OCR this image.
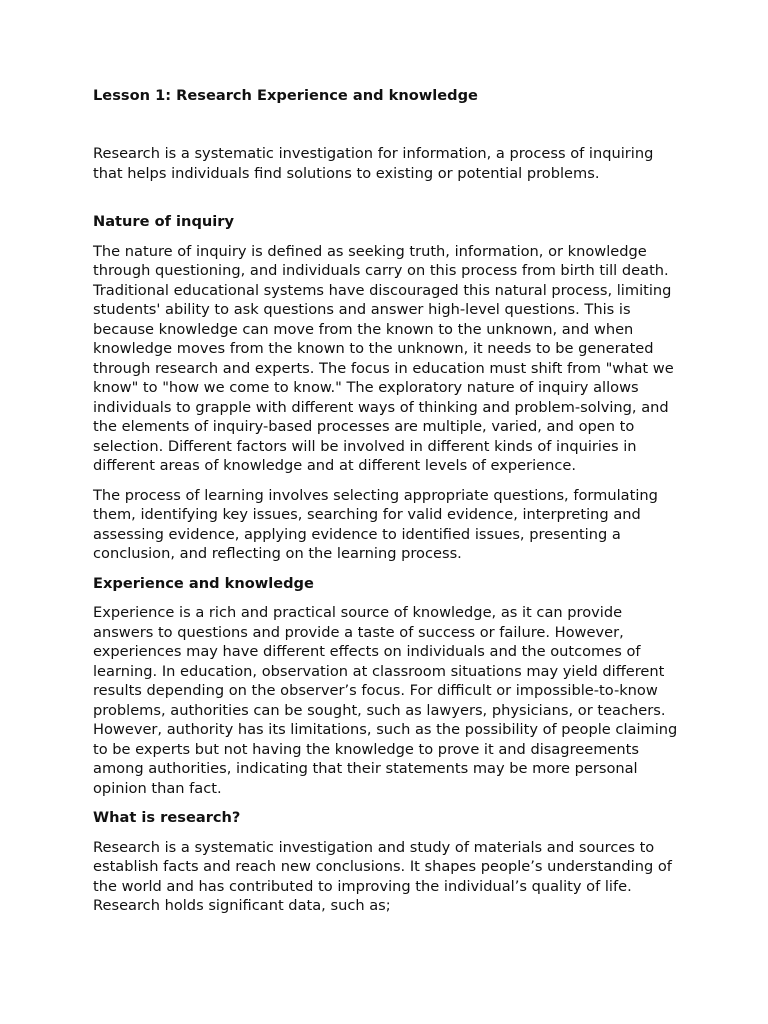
Lesson 1: Research Experience and knowledge

Research is a systematic investigation for information, a process of inquiring that helps individuals find solutions to existing or potential problems.

Nature of inquiry

The nature of inquiry is defined as seeking truth, information, or knowledge through questioning, and individuals carry on this process from birth till death. Traditional educational systems have discouraged this natural process, limiting students' ability to ask questions and answer high-level questions. This is because knowledge can move from the known to the unknown, and when knowledge moves from the known to the unknown, it needs to be generated through research and experts. The focus in education must shift from "what we know" to "how we come to know." The exploratory nature of inquiry allows individuals to grapple with different ways of thinking and problem-solving, and the elements of inquiry-based processes are multiple, varied, and open to selection. Different factors will be involved in different kinds of inquiries in different areas of knowledge and at different levels of experience.

The process of learning involves selecting appropriate questions, formulating them, identifying key issues, searching for valid evidence, interpreting and assessing evidence, applying evidence to identified issues, presenting a conclusion, and reflecting on the learning process.

Experience and knowledge

Experience is a rich and practical source of knowledge, as it can provide answers to questions and provide a taste of success or failure. However, experiences may have different effects on individuals and the outcomes of learning. In education, observation at classroom situations may yield different results depending on the observer’s focus. For difficult or impossible-to-know problems, authorities can be sought, such as lawyers, physicians, or teachers. However, authority has its limitations, such as the possibility of people claiming to be experts but not having the knowledge to prove it and disagreements among authorities, indicating that their statements may be more personal opinion than fact.

What is research?

Research is a systematic investigation and study of materials and sources to establish facts and reach new conclusions. It shapes people’s understanding of the world and has contributed to improving the individual’s quality of life. Research holds significant data, such as;
